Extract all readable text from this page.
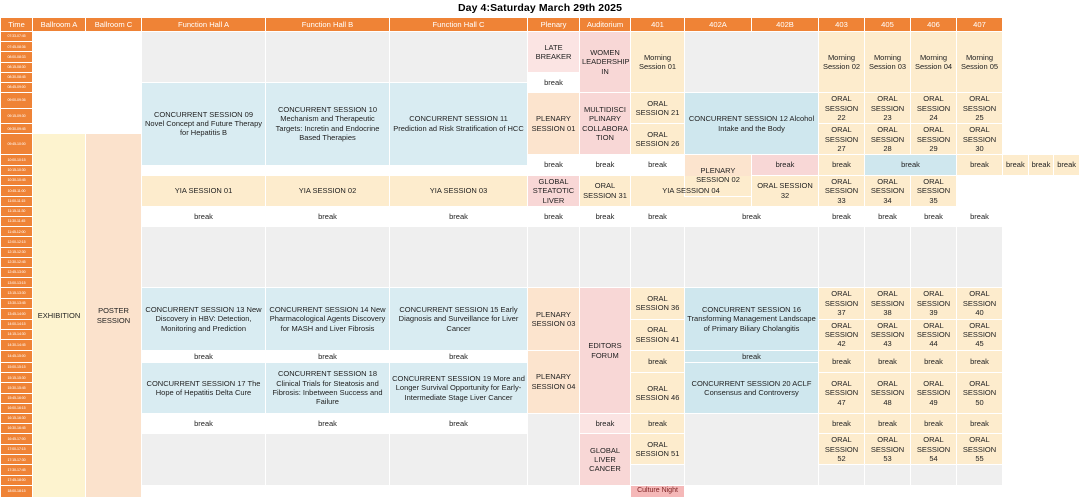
Day 4:Saturday March 29th 2025
Time	Ballroom A	Ballroom C	Function Hall A	Function Hall B	Function Hall C	Plenary	Auditorium	401	402A	402B	403	405	406	407			
07:33-07:45						LATE BREAKER	WOMEN LEADERSHIP IN	Morning Session 01			Morning Session 02	Morning Session 03	Morning Session 04	Morning Session 05			

07:45-08:36																	
08:00-08:33																	
08:15-08:30																	
08:30-08:45						break											

08:45-09:00			CONCURRENT SESSION 09 Novel Concept and Future Therapy for Hepatitis B	CONCURRENT SESSION 10 Mechanism and Therapeutic Targets: Incretin and Endocrine Based Therapies	CONCURRENT SESSION 11 Prediction ad Risk Stratification of HCC												

09:00-09:36						PLENARY SESSION 01	MULTIDISCI PLINARY COLLABORA TION	ORAL SESSION 21	CONCURRENT SESSION 12 Alcohol Intake and the Body		ORAL SESSION 22	ORAL SESSION 23	ORAL SESSION 24	ORAL SESSION 25			

09:15-09:30																	
09:30-09:45								ORAL SESSION 26			ORAL SESSION 27	ORAL SESSION 28	ORAL SESSION 29	ORAL SESSION 30			

09:45-10:00	EXHIBITION	POSTER SESSION															

10:00-10:15						break	break	break	PLENARY SESSION 02	break	break	break		break	break	break	break

10:15-10:30																	
10:30-10:45			YIA SESSION 01	YIA SESSION 02	YIA SESSION 03	GLOBAL STEATOTIC LIVER	ORAL SESSION 31	YIA SESSION 04		ORAL SESSION 32	ORAL SESSION 33	ORAL SESSION 34	ORAL SESSION 35				

10:45-11:00																	
11:00-11:15																	
11:15-11:30			break	break	break	break	break	break	break		break	break	break	break			

11:30-11:45																	
11:45-12:00																	
12:00-12:15																	
12:15-12:30																	
12:30-12:45																	
12:45-13:00																	
13:00-13:15																	
13:15-13:30			CONCURRENT SESSION 13 New Discovery in HBV: Detection, Monitoring and Prediction	CONCURRENT SESSION 14 New Pharmacological Agents Discovery for MASH and Liver Fibrosis	CONCURRENT SESSION 15 Early Diagnosis and Surveillance for Liver Cancer	PLENARY SESSION 03	EDITORS FORUM	ORAL SESSION 36	CONCURRENT SESSION 16 Transforming Management Landscape of Primary Biliary Cholangitis		ORAL SESSION 37	ORAL SESSION 38	ORAL SESSION 39	ORAL SESSION 40			

13:30-13:45																	
13:45-14:00																	
14:00-14:15								ORAL SESSION 41			ORAL SESSION 42	ORAL SESSION 43	ORAL SESSION 44	ORAL SESSION 45			

14:15-14:30																	
14:30-14:45																	
14:45-15:00			break	break	break	PLENARY SESSION 04		break	break		break	break	break	break			

15:00-15:15			CONCURRENT SESSION 17 The Hope of Hepatitis Delta Cure	CONCURRENT SESSION 18 Clinical Trials for Steatosis and Fibrosis: Inbetween Success and Failure	CONCURRENT SESSION 19 More and Longer Survival Opportunity for Early-Intermediate Stage Liver Cancer				CONCURRENT SESSION 20 ACLF Consensus and Controversy								

15:15-15:30								ORAL SESSION 46			ORAL SESSION 47	ORAL SESSION 48	ORAL SESSION 49	ORAL SESSION 50			

15:30-15:45																	
15:45-16:00																	
16:00-16:15																	
16:15-16:30			break	break	break		break	break			break	break	break	break			

16:30-16:45																	
16:45-17:00							GLOBAL LIVER CANCER	ORAL SESSION 51			ORAL SESSION 52	ORAL SESSION 53	ORAL SESSION 54	ORAL SESSION 55			

17:00-17:15																	
17:15-17:30																	
17:30-17:45																	
17:45-18:00																	
18:00-18:15								Culture Night									
